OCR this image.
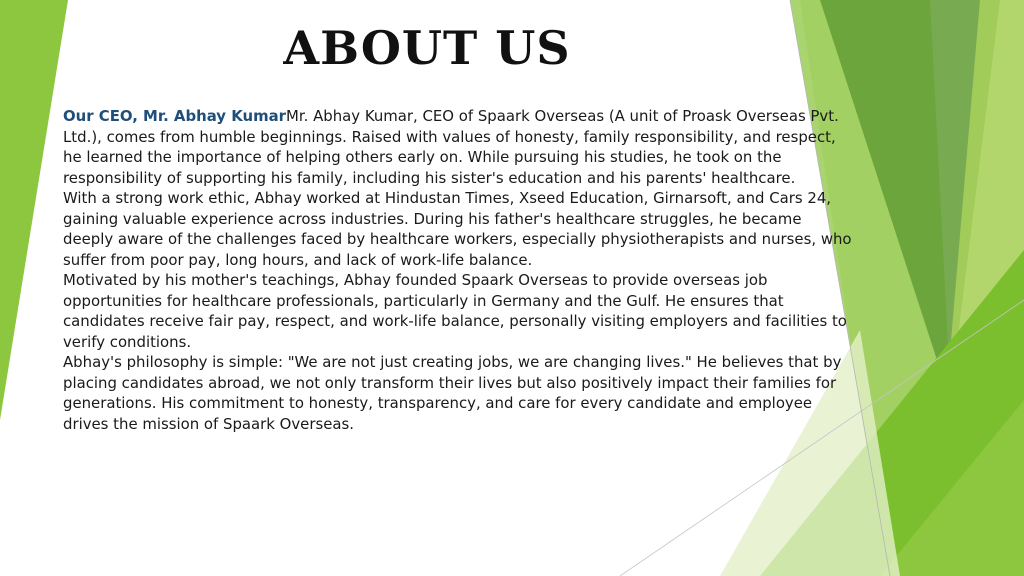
ABOUT US

Our CEO, Mr. Abhay KumarMr. Abhay Kumar, CEO of Spaark Overseas (A unit of Proask Overseas Pvt. Ltd.), comes from humble beginnings. Raised with values of honesty, family responsibility, and respect, he learned the importance of helping others early on. While pursuing his studies, he took on the responsibility of supporting his family, including his sister's education and his parents' healthcare.

With a strong work ethic, Abhay worked at Hindustan Times, Xseed Education, Girnarsoft, and Cars 24, gaining valuable experience across industries. During his father's healthcare struggles, he became deeply aware of the challenges faced by healthcare workers, especially physiotherapists and nurses, who suffer from poor pay, long hours, and lack of work-life balance.

Motivated by his mother's teachings, Abhay founded Spaark Overseas to provide overseas job opportunities for healthcare professionals, particularly in Germany and the Gulf. He ensures that candidates receive fair pay, respect, and work-life balance, personally visiting employers and facilities to verify conditions.

Abhay's philosophy is simple: "We are not just creating jobs, we are changing lives." He believes that by placing candidates abroad, we not only transform their lives but also positively impact their families for generations. His commitment to honesty, transparency, and care for every candidate and employee drives the mission of Spaark Overseas.
